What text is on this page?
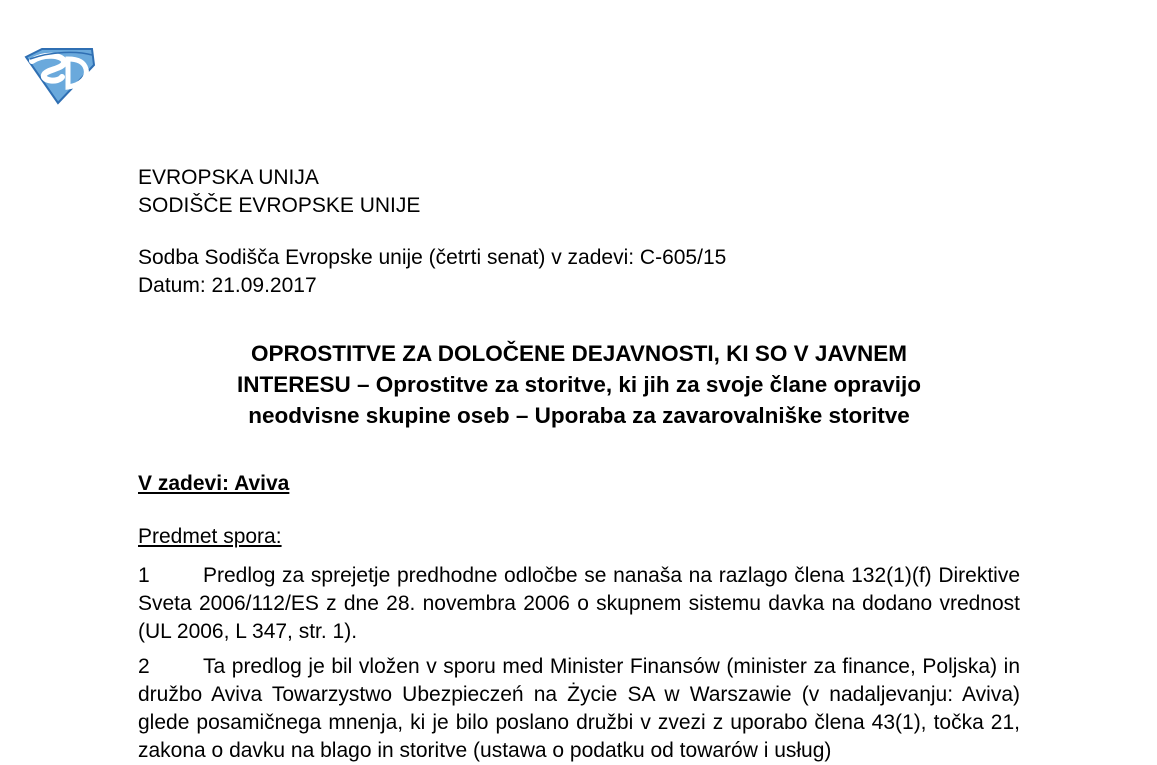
EVROPSKA UNIJA
SODIŠČE EVROPSKE UNIJE
Sodba Sodišča Evropske unije (četrti senat) v zadevi: C-605/15
Datum: 21.09.2017
OPROSTITVE ZA DOLOČENE DEJAVNOSTI, KI SO V JAVNEM
INTERESU – Oprostitve za storitve, ki jih za svoje člane opravijo
neodvisne skupine oseb – Uporaba za zavarovalniške storitve
V zadevi: Aviva
Predmet spora:
1	Predlog za sprejetje predhodne odločbe se nanaša na razlago člena 132(1)(f) Direktive Sveta 2006/112/ES z dne 28. novembra 2006 o skupnem sistemu davka na dodano vrednost (UL 2006, L 347, str. 1).
2	Ta predlog je bil vložen v sporu med Minister Finansów (minister za finance, Poljska) in družbo Aviva Towarzystwo Ubezpieczeń na Życie SA w Warszawie (v nadaljevanju: Aviva) glede posamičnega mnenja, ki je bilo poslano družbi v zvezi z uporabo člena 43(1), točka 21, zakona o davku na blago in storitve (ustawa o podatku od towarów i usług)
